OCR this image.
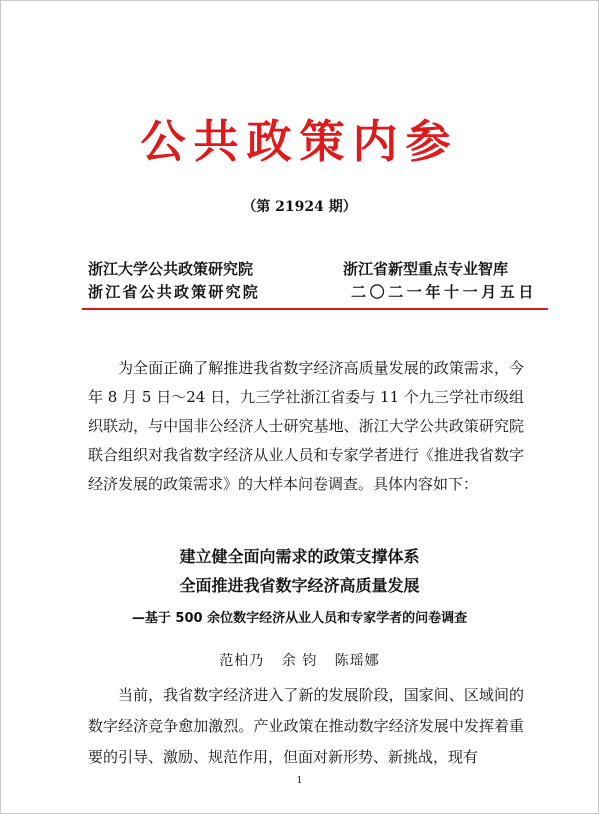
公共政策内参
（第 21924 期）
浙江大学公共政策研究院
浙江省公共政策研究院
浙江省新型重点专业智库
二〇二一年十一月五日

为全面正确了解推进我省数字经济高质量发展的政策需求，今年 8 月 5 日～24 日，九三学社浙江省委与 11 个九三学社市级组织联动，与中国非公经济人士研究基地、浙江大学公共政策研究院联合组织对我省数字经济从业人员和专家学者进行《推进我省数字经济发展的政策需求》的大样本问卷调查。具体内容如下：

建立健全面向需求的政策支撑体系
全面推进我省数字经济高质量发展
—基于 500 余位数字经济从业人员和专家学者的问卷调查
范柏乃 余 钧 陈瑶娜

当前，我省数字经济进入了新的发展阶段，国家间、区域间的数字经济竞争愈加激烈。产业政策在推动数字经济发展中发挥着重要的引导、激励、规范作用，但面对新形势、新挑战，现有

1
